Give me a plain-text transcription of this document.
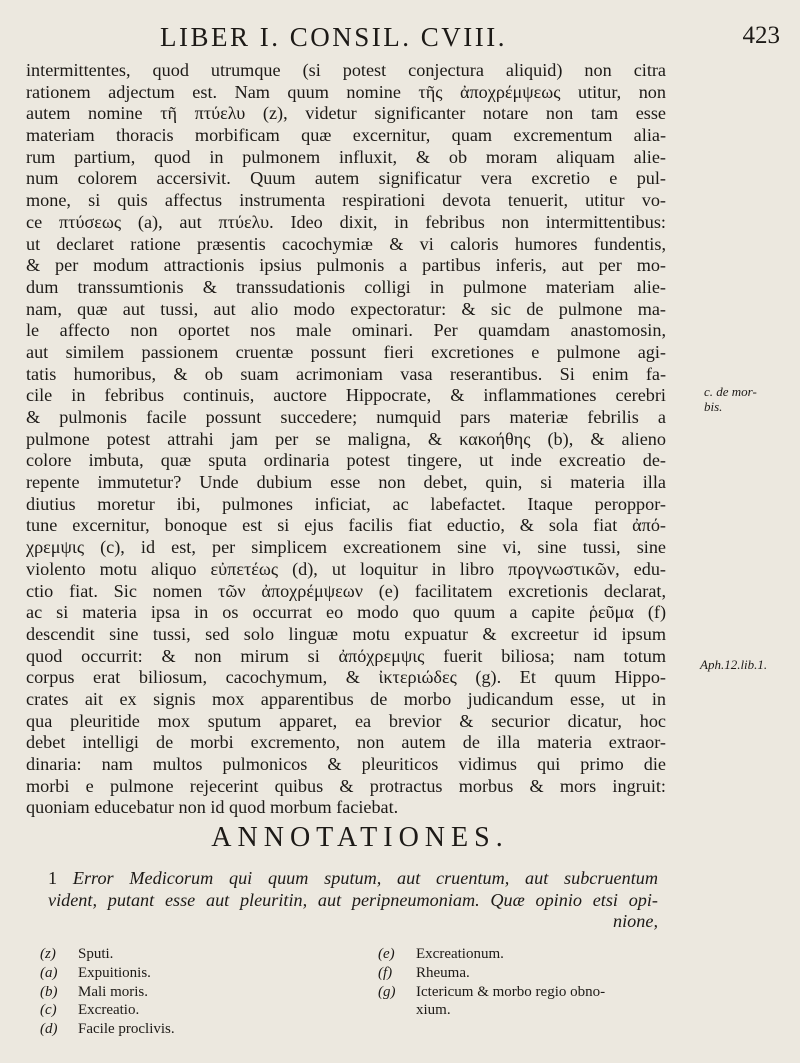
LIBER I. CONSIL. CVIII.	423
intermittentes, quod utrumque (si potest conjectura aliquid) non citra
rationem adjectum est. Nam quum nomine τῆς ἀποχρέμψεως utitur, non
autem nomine τῆ πτύελυ (z), videtur significanter notare non tam esse
materiam thoracis morbificam quæ excernitur, quam excrementum alia-
rum partium, quod in pulmonem influxit, & ob moram aliquam alie-
num colorem accersivit. Quum autem significatur vera excretio e pul-
mone, si quis affectus instrumenta respirationi devota tenuerit, utitur vo-
ce πτύσεως (a), aut πτύελυ. Ideo dixit, in febribus non intermittentibus:
ut declaret ratione præsentis cacochymiæ & vi caloris humores fundentis,
& per modum attractionis ipsius pulmonis a partibus inferis, aut per mo-
dum transsumtionis & transsudationis colligi in pulmone materiam alie-
nam, quæ aut tussi, aut alio modo expectoratur: & sic de pulmone ma-
le affecto non oportet nos male ominari. Per quamdam anastomosin,
aut similem passionem cruentæ possunt fieri excretiones e pulmone agi-
tatis humoribus, & ob suam acrimoniam vasa reserantibus. Si enim fa-
cile in febribus continuis, auctore Hippocrate, & inflammationes cerebri
& pulmonis facile possunt succedere; numquid pars materiæ febrilis a
pulmone potest attrahi jam per se maligna, & κακοήθης (b), & alieno
colore imbuta, quæ sputa ordinaria potest tingere, ut inde excreatio de-
repente immutetur? Unde dubium esse non debet, quin, si materia illa
diutius moretur ibi, pulmones inficiat, ac labefactet. Itaque peroppor-
tune excernitur, bonoque est si ejus facilis fiat eductio, & sola fiat ἀπό-
χρεμψις (c), id est, per simplicem excreationem sine vi, sine tussi, sine
violento motu aliquo εὐπετέως (d), ut loquitur in libro προγνωστικῶν, edu-
ctio fiat. Sic nomen τῶν ἀποχρέμψεων (e) facilitatem excretionis declarat,
ac si materia ipsa in os occurrat eo modo quo quum a capite ῥεῦμα (f)
descendit sine tussi, sed solo linguæ motu expuatur & excreetur id ipsum
quod occurrit: & non mirum si ἀπόχρεμψις fuerit biliosa; nam totum
corpus erat biliosum, cacochymum, & ἰκτεριώδες (g). Et quum Hippo-
crates ait ex signis mox apparentibus de morbo judicandum esse, ut in
qua pleuritide mox sputum apparet, ea brevior & securior dicatur, hoc
debet intelligi de morbi excremento, non autem de illa materia extraor-
dinaria: nam multos pulmonicos & pleuriticos vidimus qui primo die
morbi e pulmone rejecerint quibus & protractus morbus & mors ingruit:
quoniam educebatur non id quod morbum faciebat.
c. de mor-
bis.
Aph.12.lib.1.
ANNOTATIONES.
1 Error Medicorum qui quum sputum, aut cruentum, aut subcruentum
vident, putant esse aut pleuritin, aut peripneumoniam. Quæ opinio etsi opi-
nione,
(z) Sputi.
(a) Expuitionis.
(b) Mali moris.
(c) Excreatio.
(d) Facile proclivis.
(e) Excreationum.
(f) Rheuma.
(g) Ictericum & morbo regio obno-
xium.
